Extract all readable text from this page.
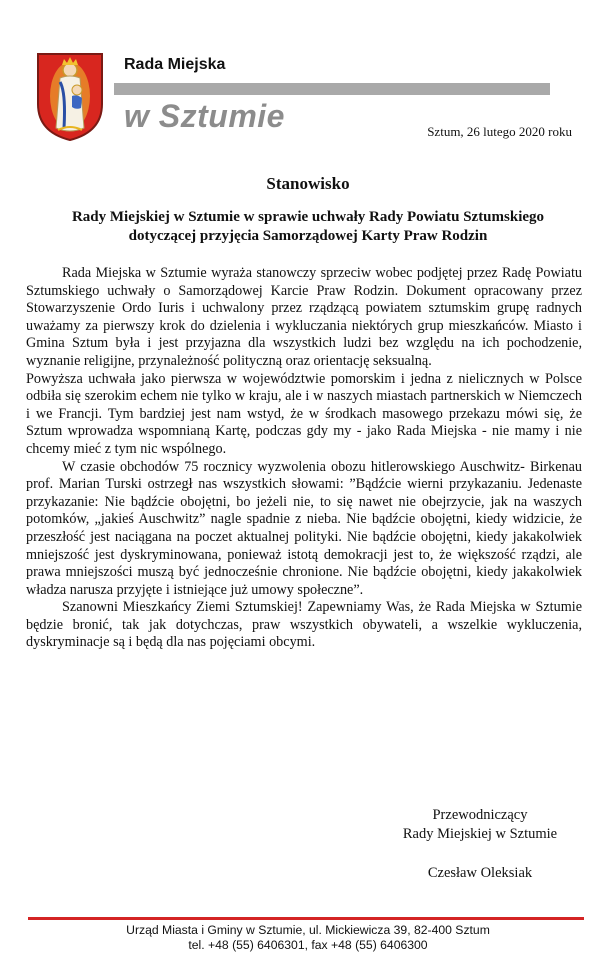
Rada Miejska
w Sztumie	Sztum, 26 lutego 2020 roku
Stanowisko
Rady Miejskiej w Sztumie w sprawie uchwały Rady Powiatu Sztumskiego
dotyczącej przyjęcia Samorządowej Karty Praw Rodzin

Rada Miejska w Sztumie wyraża stanowczy sprzeciw wobec podjętej przez Radę Powiatu Sztumskiego uchwały o Samorządowej Karcie Praw Rodzin. Dokument opracowany przez Stowarzyszenie Ordo Iuris i uchwalony przez rządzącą powiatem sztumskim grupę radnych uważamy za pierwszy krok do dzielenia i wykluczania niektórych grup mieszkańców. Miasto i Gmina Sztum była i jest przyjazna dla wszystkich ludzi bez względu na ich pochodzenie, wyznanie religijne, przynależność polityczną oraz orientację seksualną.

Powyższa uchwała jako pierwsza w województwie pomorskim i jedna z nielicznych w Polsce odbiła się szerokim echem nie tylko w kraju, ale i w naszych miastach partnerskich w Niemczech i we Francji. Tym bardziej jest nam wstyd, że w środkach masowego przekazu mówi się, że Sztum wprowadza wspomnianą Kartę, podczas gdy my - jako Rada Miejska - nie mamy i nie chcemy mieć z tym nic wspólnego.

W czasie obchodów 75 rocznicy wyzwolenia obozu hitlerowskiego Auschwitz- Birkenau prof. Marian Turski ostrzegł nas wszystkich słowami: ”Bądźcie wierni przykazaniu. Jedenaste przykazanie: Nie bądźcie obojętni, bo jeżeli nie, to się nawet nie obejrzycie, jak na waszych potomków, „jakieś Auschwitz” nagle spadnie z nieba. Nie bądźcie obojętni, kiedy widzicie, że przeszłość jest naciągana na poczet aktualnej polityki. Nie bądźcie obojętni, kiedy jakakolwiek mniejszość jest dyskryminowana, ponieważ istotą demokracji jest to, że większość rządzi, ale prawa mniejszości muszą być jednocześnie chronione. Nie bądźcie obojętni, kiedy jakakolwiek władza narusza przyjęte i istniejące już umowy społeczne”.

Szanowni Mieszkańcy Ziemi Sztumskiej! Zapewniamy Was, że Rada Miejska w Sztumie będzie bronić, tak jak dotychczas, praw wszystkich obywateli, a wszelkie wykluczenia, dyskryminacje są i będą dla nas pojęciami obcymi.

Przewodniczący
Rady Miejskiej w Sztumie
Czesław Oleksiak
Urząd Miasta i Gminy w Sztumie, ul. Mickiewicza 39, 82-400 Sztum
tel. +48 (55) 6406301, fax +48 (55) 6406300
